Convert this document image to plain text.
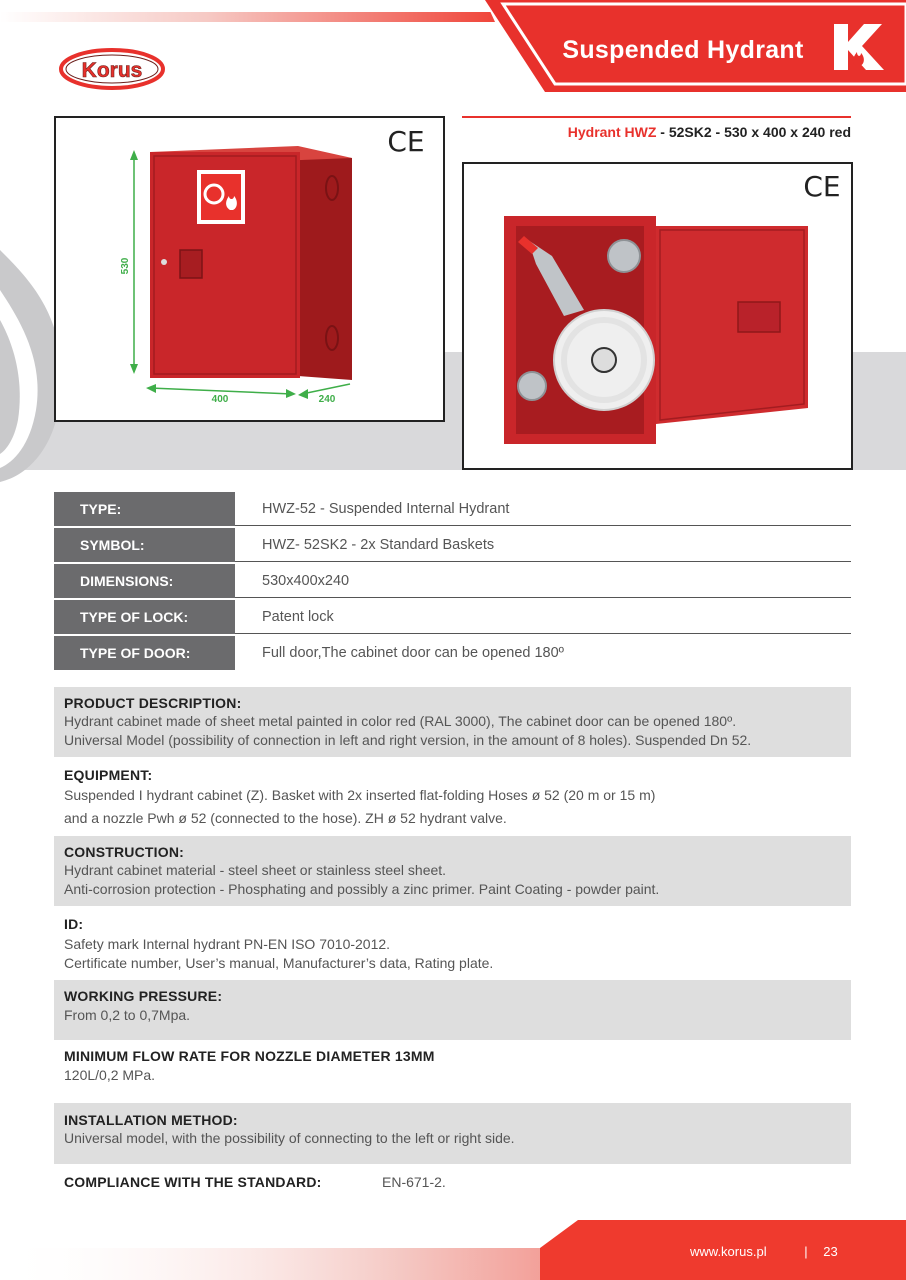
Suspended Hydrant
Korus
CE
530
400	240
Hydrant HWZ - 52SK2 - 530 x 400 x 240 red
CE
TYPE:	HWZ-52 - Suspended Internal Hydrant
SYMBOL:	HWZ- 52SK2 - 2x Standard Baskets
DIMENSIONS:	530x400x240
TYPE OF LOCK:	Patent lock
TYPE OF DOOR:	Full door,The cabinet door can be opened 180º
PRODUCT DESCRIPTION:

Hydrant cabinet made of sheet metal painted in color red (RAL 3000), The cabinet door can be opened 180º.

Universal Model (possibility of connection in left and right version, in the amount of 8 holes). Suspended Dn 52.

EQUIPMENT:

Suspended I hydrant cabinet (Z). Basket with 2x inserted flat-folding Hoses ø 52 (20 m or 15 m)

and a nozzle Pwh ø 52 (connected to the hose). ZH ø 52 hydrant valve.

CONSTRUCTION:

Hydrant cabinet material - steel sheet or stainless steel sheet.

Anti-corrosion protection - Phosphating and possibly a zinc primer. Paint Coating - powder paint.

ID:

Safety mark Internal hydrant PN-EN ISO 7010-2012.

Certificate number, User’s manual, Manufacturer’s data, Rating plate.

WORKING PRESSURE:

From 0,2 to 0,7Mpa.

MINIMUM FLOW RATE FOR NOZZLE DIAMETER 13MM

120L/0,2 MPa.

INSTALLATION METHOD:

Universal model, with the possibility of connecting to the left or right side.

COMPLIANCE WITH THE STANDARD:	EN-671-2.
www.korus.pl	| 23
